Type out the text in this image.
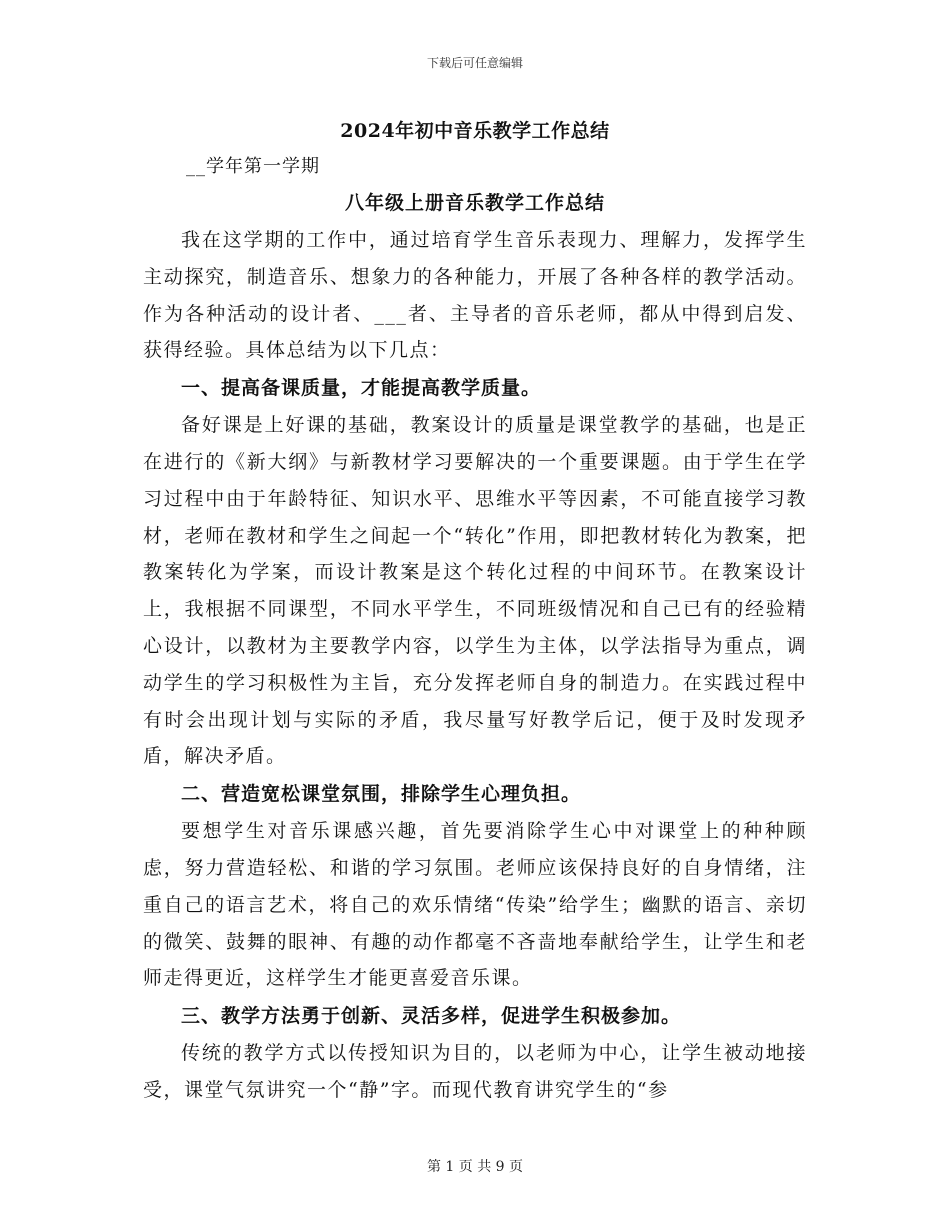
下载后可任意编辑
2024年初中音乐教学工作总结
__学年第一学期
八年级上册音乐教学工作总结

我在这学期的工作中，通过培育学生音乐表现力、理解力，发挥学生主动探究，制造音乐、想象力的各种能力，开展了各种各样的教学活动。作为各种活动的设计者、___者、主导者的音乐老师，都从中得到启发、获得经验。具体总结为以下几点：

一、提高备课质量，才能提高教学质量。

备好课是上好课的基础，教案设计的质量是课堂教学的基础，也是正在进行的《新大纲》与新教材学习要解决的一个重要课题。由于学生在学习过程中由于年龄特征、知识水平、思维水平等因素，不可能直接学习教材，老师在教材和学生之间起一个“转化”作用，即把教材转化为教案，把教案转化为学案，而设计教案是这个转化过程的中间环节。在教案设计上，我根据不同课型，不同水平学生，不同班级情况和自己已有的经验精心设计，以教材为主要教学内容，以学生为主体，以学法指导为重点，调动学生的学习积极性为主旨，充分发挥老师自身的制造力。在实践过程中有时会出现计划与实际的矛盾，我尽量写好教学后记，便于及时发现矛盾，解决矛盾。

二、营造宽松课堂氛围，排除学生心理负担。

要想学生对音乐课感兴趣，首先要消除学生心中对课堂上的种种顾虑，努力营造轻松、和谐的学习氛围。老师应该保持良好的自身情绪，注重自己的语言艺术，将自己的欢乐情绪“传染”给学生；幽默的语言、亲切的微笑、鼓舞的眼神、有趣的动作都毫不吝啬地奉献给学生，让学生和老师走得更近，这样学生才能更喜爱音乐课。

三、教学方法勇于创新、灵活多样，促进学生积极参加。

传统的教学方式以传授知识为目的，以老师为中心，让学生被动地接受，课堂气氛讲究一个“静”字。而现代教育讲究学生的“参

第 1 页 共 9 页
